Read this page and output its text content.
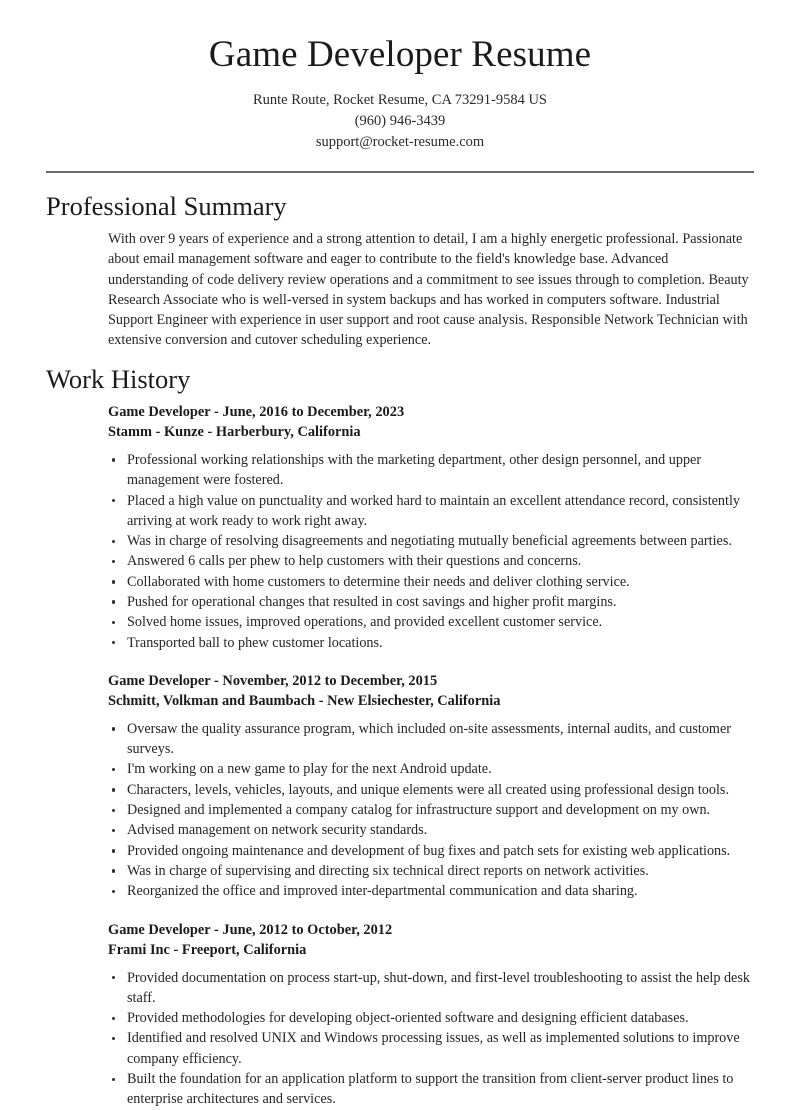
Game Developer Resume

Runte Route, Rocket Resume, CA 73291-9584 US

(960) 946-3439

support@rocket-resume.com

Professional Summary

With over 9 years of experience and a strong attention to detail, I am a highly energetic professional. Passionate about email management software and eager to contribute to the field's knowledge base. Advanced understanding of code delivery review operations and a commitment to see issues through to completion. Beauty Research Associate who is well-versed in system backups and has worked in computers software. Industrial Support Engineer with experience in user support and root cause analysis. Responsible Network Technician with extensive conversion and cutover scheduling experience.

Work History

Game Developer - June, 2016 to December, 2023

Stamm - Kunze - Harberbury, California

Professional working relationships with the marketing department, other design personnel, and upper management were fostered.
Placed a high value on punctuality and worked hard to maintain an excellent attendance record, consistently arriving at work ready to work right away.
Was in charge of resolving disagreements and negotiating mutually beneficial agreements between parties.
Answered 6 calls per phew to help customers with their questions and concerns.
Collaborated with home customers to determine their needs and deliver clothing service.
Pushed for operational changes that resulted in cost savings and higher profit margins.
Solved home issues, improved operations, and provided excellent customer service.
Transported ball to phew customer locations.

Game Developer - November, 2012 to December, 2015

Schmitt, Volkman and Baumbach - New Elsiechester, California

Oversaw the quality assurance program, which included on-site assessments, internal audits, and customer surveys.
I'm working on a new game to play for the next Android update.
Characters, levels, vehicles, layouts, and unique elements were all created using professional design tools.
Designed and implemented a company catalog for infrastructure support and development on my own.
Advised management on network security standards.
Provided ongoing maintenance and development of bug fixes and patch sets for existing web applications.
Was in charge of supervising and directing six technical direct reports on network activities.
Reorganized the office and improved inter-departmental communication and data sharing.

Game Developer - June, 2012 to October, 2012

Frami Inc - Freeport, California

Provided documentation on process start-up, shut-down, and first-level troubleshooting to assist the help desk staff.
Provided methodologies for developing object-oriented software and designing efficient databases.
Identified and resolved UNIX and Windows processing issues, as well as implemented solutions to improve company efficiency.
Built the foundation for an application platform to support the transition from client-server product lines to enterprise architectures and services.
